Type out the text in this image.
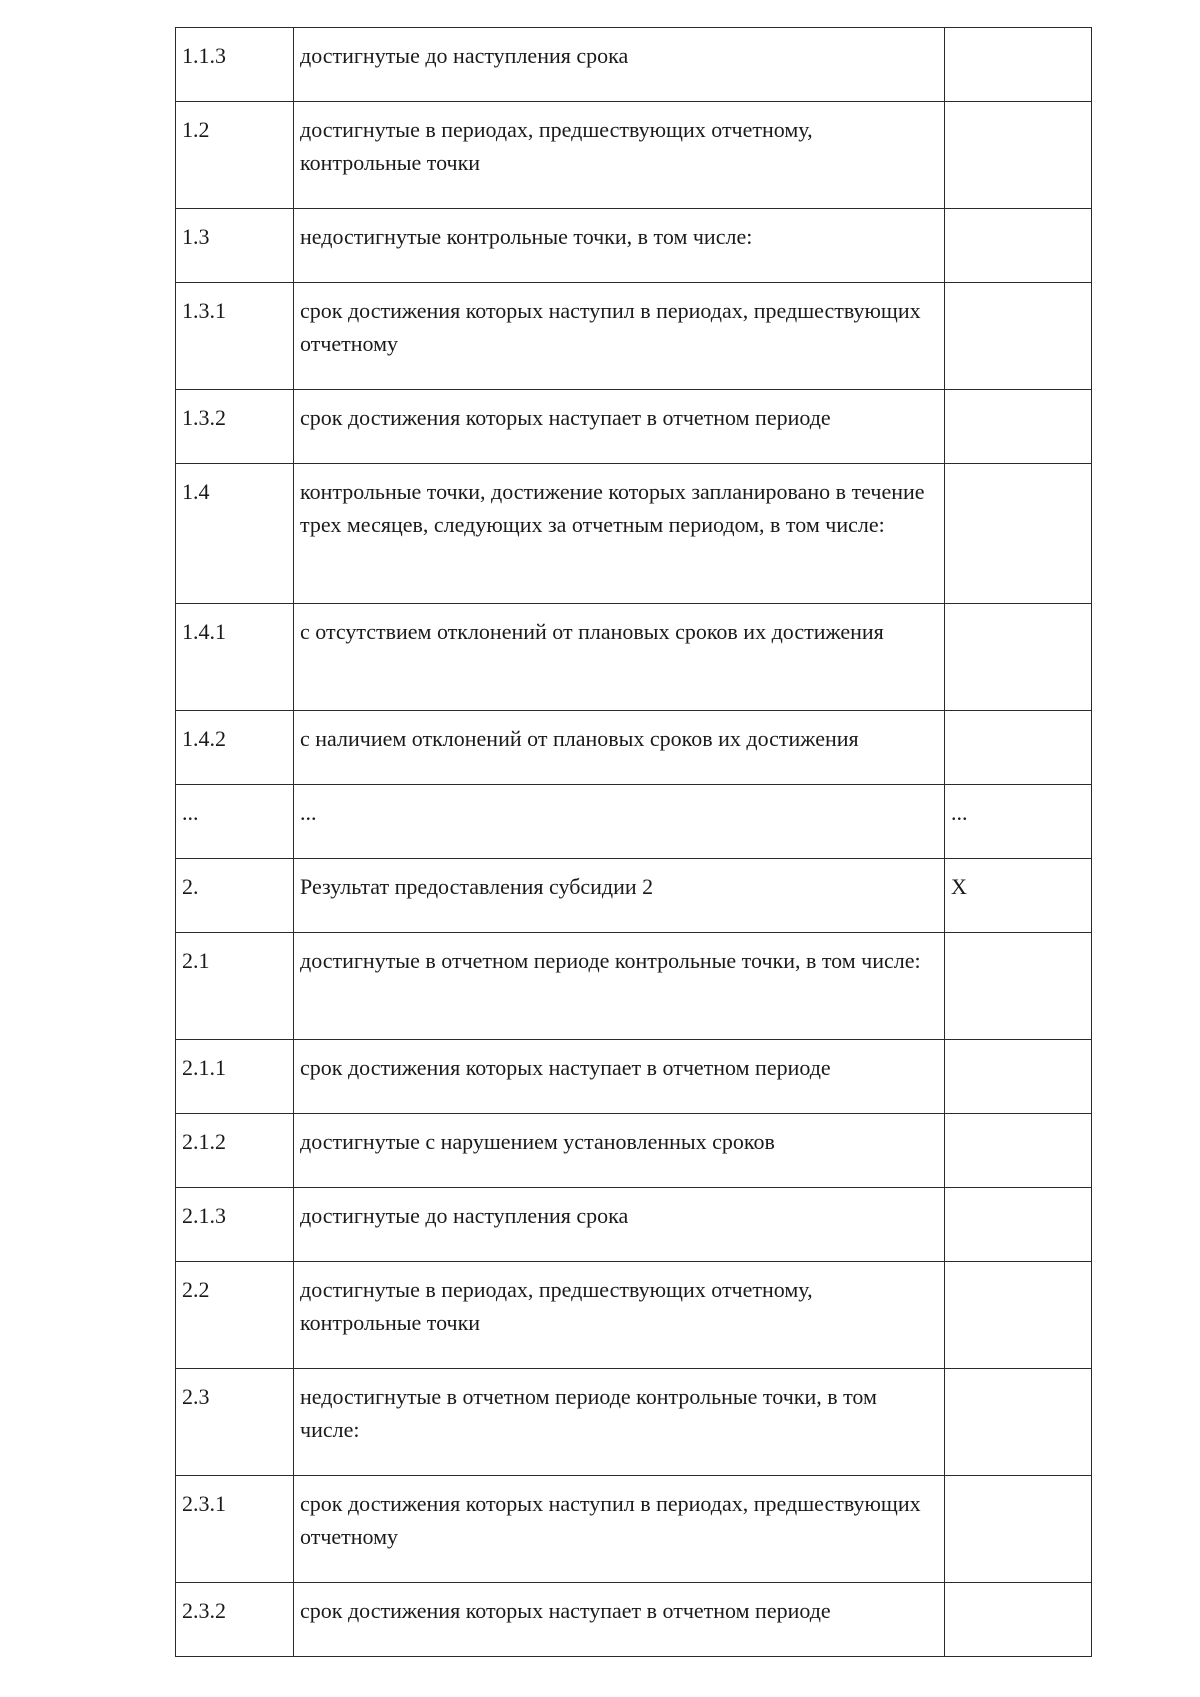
1.1.3	достигнутые до наступления срока	
1.2	достигнутые в периодах, предшествующих отчетному, контрольные точки	
1.3	недостигнутые контрольные точки, в том числе:	
1.3.1	срок достижения которых наступил в периодах, предшествующих отчетному	
1.3.2	срок достижения которых наступает в отчетном периоде	
1.4	контрольные точки, достижение которых запланировано в течение трех месяцев, следующих за отчетным периодом, в том числе:	
1.4.1	с отсутствием отклонений от плановых сроков их достижения	
1.4.2	с наличием отклонений от плановых сроков их достижения	
...	...	...
2.	Результат предоставления субсидии 2	X
2.1	достигнутые в отчетном периоде контрольные точки, в том числе:	
2.1.1	срок достижения которых наступает в отчетном периоде	
2.1.2	достигнутые с нарушением установленных сроков	
2.1.3	достигнутые до наступления срока	
2.2	достигнутые в периодах, предшествующих отчетному, контрольные точки	
2.3	недостигнутые в отчетном периоде контрольные точки, в том числе:	
2.3.1	срок достижения которых наступил в периодах, предшествующих отчетному	
2.3.2	срок достижения которых наступает в отчетном периоде	
